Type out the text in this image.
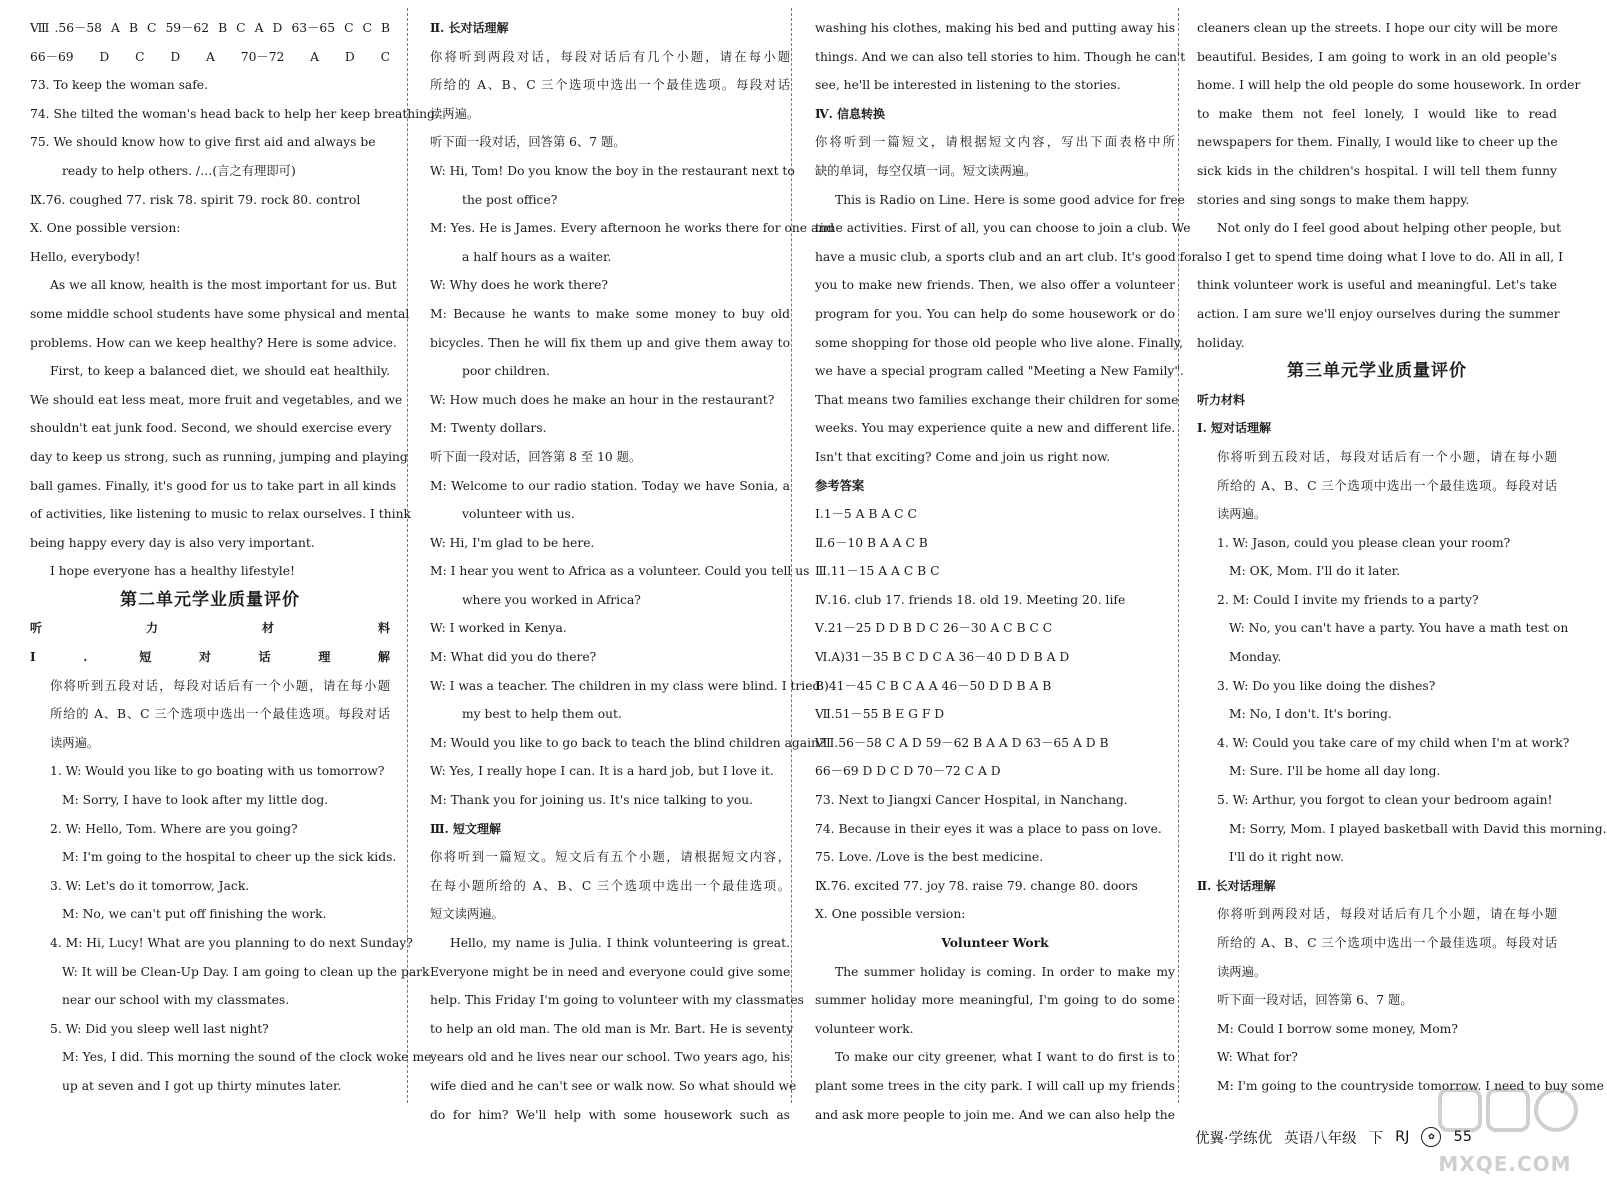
Ⅷ.56－58 A B C 59－62 B C A D 63－65 C C B
66－69 D C D A 70－72 A D C
73. To keep the woman safe.
74. She tilted the woman's head back to help her keep breathing.
75. We should know how to give first aid and always be
ready to help others. /…(言之有理即可)
Ⅸ.76. coughed 77. risk 78. spirit 79. rock 80. control
Ⅹ. One possible version:
Hello, everybody!
As we all know, health is the most important for us. But
some middle school students have some physical and mental
problems. How can we keep healthy? Here is some advice.
First, to keep a balanced diet, we should eat healthily.
We should eat less meat, more fruit and vegetables, and we
shouldn't eat junk food. Second, we should exercise every
day to keep us strong, such as running, jumping and playing
ball games. Finally, it's good for us to take part in all kinds
of activities, like listening to music to relax ourselves. I think
being happy every day is also very important.
I hope everyone has a healthy lifestyle!
第二单元学业质量评价
听力材料
Ⅰ. 短对话理解
你将听到五段对话，每段对话后有一个小题，请在每小题
所给的 A、B、C 三个选项中选出一个最佳选项。每段对话
读两遍。
1. W: Would you like to go boating with us tomorrow?
M: Sorry, I have to look after my little dog.
2. W: Hello, Tom. Where are you going?
M: I'm going to the hospital to cheer up the sick kids.
3. W: Let's do it tomorrow, Jack.
M: No, we can't put off finishing the work.
4. M: Hi, Lucy! What are you planning to do next Sunday?
W: It will be Clean-Up Day. I am going to clean up the park
near our school with my classmates.
5. W: Did you sleep well last night?
M: Yes, I did. This morning the sound of the clock woke me
up at seven and I got up thirty minutes later.
Ⅱ. 长对话理解
你将听到两段对话，每段对话后有几个小题，请在每小题
所给的 A、B、C 三个选项中选出一个最佳选项。每段对话
读两遍。
听下面一段对话，回答第 6、7 题。
W: Hi, Tom! Do you know the boy in the restaurant next to
the post office?
M: Yes. He is James. Every afternoon he works there for one and
a half hours as a waiter.
W: Why does he work there?
M: Because he wants to make some money to buy old
bicycles. Then he will fix them up and give them away to
poor children.
W: How much does he make an hour in the restaurant?
M: Twenty dollars.
听下面一段对话，回答第 8 至 10 题。
M: Welcome to our radio station. Today we have Sonia, a
volunteer with us.
W: Hi, I'm glad to be here.
M: I hear you went to Africa as a volunteer. Could you tell us
where you worked in Africa?
W: I worked in Kenya.
M: What did you do there?
W: I was a teacher. The children in my class were blind. I tried
my best to help them out.
M: Would you like to go back to teach the blind children again?
W: Yes, I really hope I can. It is a hard job, but I love it.
M: Thank you for joining us. It's nice talking to you.
Ⅲ. 短文理解
你将听到一篇短文。短文后有五个小题，请根据短文内容，
在每小题所给的 A、B、C 三个选项中选出一个最佳选项。
短文读两遍。
Hello, my name is Julia. I think volunteering is great.
Everyone might be in need and everyone could give some
help. This Friday I'm going to volunteer with my classmates
to help an old man. The old man is Mr. Bart. He is seventy
years old and he lives near our school. Two years ago, his
wife died and he can't see or walk now. So what should we
do for him? We'll help with some housework such as
washing his clothes, making his bed and putting away his
things. And we can also tell stories to him. Though he can't
see, he'll be interested in listening to the stories.
Ⅳ. 信息转换
你将听到一篇短文，请根据短文内容，写出下面表格中所
缺的单词，每空仅填一词。短文读两遍。
This is Radio on Line. Here is some good advice for free
time activities. First of all, you can choose to join a club. We
have a music club, a sports club and an art club. It's good for
you to make new friends. Then, we also offer a volunteer
program for you. You can help do some housework or do
some shopping for those old people who live alone. Finally,
we have a special program called "Meeting a New Family".
That means two families exchange their children for some
weeks. You may experience quite a new and different life.
Isn't that exciting? Come and join us right now.
参考答案
Ⅰ.1－5 A B A C C
Ⅱ.6－10 B A A C B
Ⅲ.11－15 A A C B C
Ⅳ.16. club 17. friends 18. old 19. Meeting 20. life
Ⅴ.21－25 D D B D C 26－30 A C B C C
Ⅵ.A)31－35 B C D C A 36－40 D D B A D
B)41－45 C B C A A 46－50 D D B A B
Ⅶ.51－55 B E G F D
Ⅷ.56－58 C A D 59－62 B A A D 63－65 A D B
66－69 D D C D 70－72 C A D
73. Next to Jiangxi Cancer Hospital, in Nanchang.
74. Because in their eyes it was a place to pass on love.
75. Love. /Love is the best medicine.
Ⅸ.76. excited 77. joy 78. raise 79. change 80. doors
Ⅹ. One possible version:
Volunteer Work
The summer holiday is coming. In order to make my
summer holiday more meaningful, I'm going to do some
volunteer work.
To make our city greener, what I want to do first is to
plant some trees in the city park. I will call up my friends
and ask more people to join me. And we can also help the
cleaners clean up the streets. I hope our city will be more
beautiful. Besides, I am going to work in an old people's
home. I will help the old people do some housework. In order
to make them not feel lonely, I would like to read
newspapers for them. Finally, I would like to cheer up the
sick kids in the children's hospital. I will tell them funny
stories and sing songs to make them happy.
Not only do I feel good about helping other people, but
also I get to spend time doing what I love to do. All in all, I
think volunteer work is useful and meaningful. Let's take
action. I am sure we'll enjoy ourselves during the summer
holiday.
第三单元学业质量评价
听力材料
Ⅰ. 短对话理解
你将听到五段对话，每段对话后有一个小题，请在每小题
所给的 A、B、C 三个选项中选出一个最佳选项。每段对话
读两遍。
1. W: Jason, could you please clean your room?
M: OK, Mom. I'll do it later.
2. M: Could I invite my friends to a party?
W: No, you can't have a party. You have a math test on
Monday.
3. W: Do you like doing the dishes?
M: No, I don't. It's boring.
4. W: Could you take care of my child when I'm at work?
M: Sure. I'll be home all day long.
5. W: Arthur, you forgot to clean your bedroom again!
M: Sorry, Mom. I played basketball with David this morning.
I'll do it right now.
Ⅱ. 长对话理解
你将听到两段对话，每段对话后有几个小题，请在每小题
所给的 A、B、C 三个选项中选出一个最佳选项。每段对话
读两遍。
听下面一段对话，回答第 6、7 题。
M: Could I borrow some money, Mom?
W: What for?
M: I'm going to the countryside tomorrow. I need to buy some
优翼·学练优 英语八年级 下 RJ	✿	55
MXQE.COM
